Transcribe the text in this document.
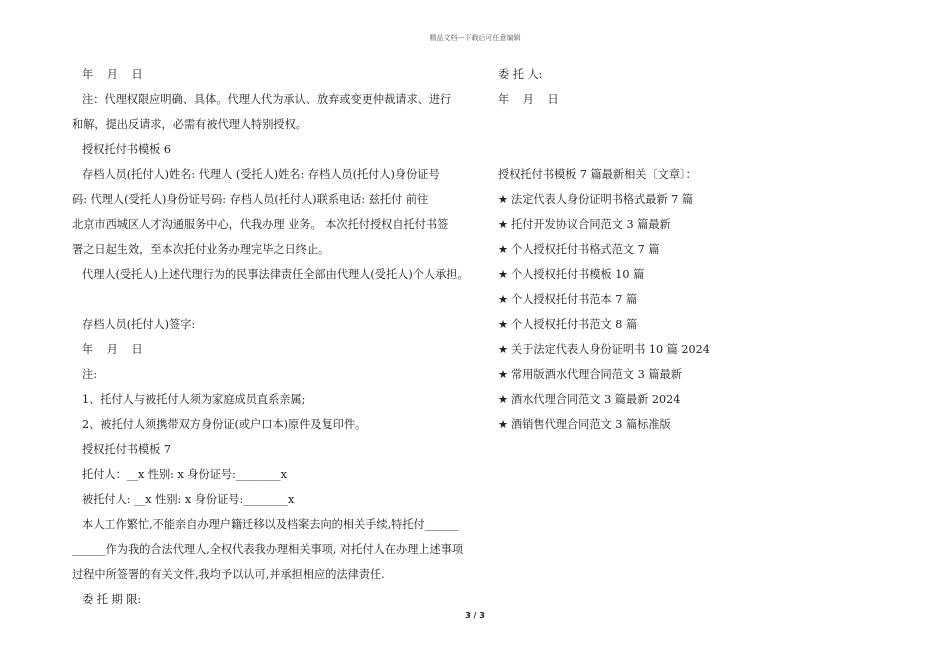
精品文档---下载后可任意编辑
年 月 日
注：代理权限应明确、具体。代理人代为承认、放弃或变更仲裁请求、进行
和解，提出反请求，必需有被代理人特别授权。
授权托付书模板 6
存档人员(托付人)姓名: 代理人 (受托人)姓名: 存档人员(托付人)身份证号
码: 代理人(受托人)身份证号码: 存档人员(托付人)联系电话: 兹托付 前往
北京市西城区人才沟通服务中心，代我办理 业务。 本次托付授权自托付书签
署之日起生效，至本次托付业务办理完毕之日终止。
代理人(受托人)上述代理行为的民事法律责任全部由代理人(受托人)个人承担。
存档人员(托付人)签字:
年 月 日
注:
1、托付人与被托付人须为家庭成员直系亲属;
2、被托付人须携带双方身份证(或户口本)原件及复印件。
授权托付书模板 7
托付人：__x 性别: x 身份证号:________x
被托付人: __x 性别: x 身份证号:________x
本人工作繁忙,不能亲自办理户籍迁移以及档案去向的相关手续,特托付______
______作为我的合法代理人,全权代表我办理相关事项, 对托付人在办理上述事项
过程中所签署的有关文件,我均予以认可,并承担相应的法律责任.
委 托 期 限:
委 托 人:
年 月 日
授权托付书模板 7 篇最新相关〔文章〕：
★ 法定代表人身份证明书格式最新 7 篇
★ 托付开发协议合同范文 3 篇最新
★ 个人授权托付书格式范文 7 篇
★ 个人授权托付书模板 10 篇
★ 个人授权托付书范本 7 篇
★ 个人授权托付书范文 8 篇
★ 关于法定代表人身份证明书 10 篇 2024
★ 常用版酒水代理合同范文 3 篇最新
★ 酒水代理合同范文 3 篇最新 2024
★ 酒销售代理合同范文 3 篇标准版
3 / 3
